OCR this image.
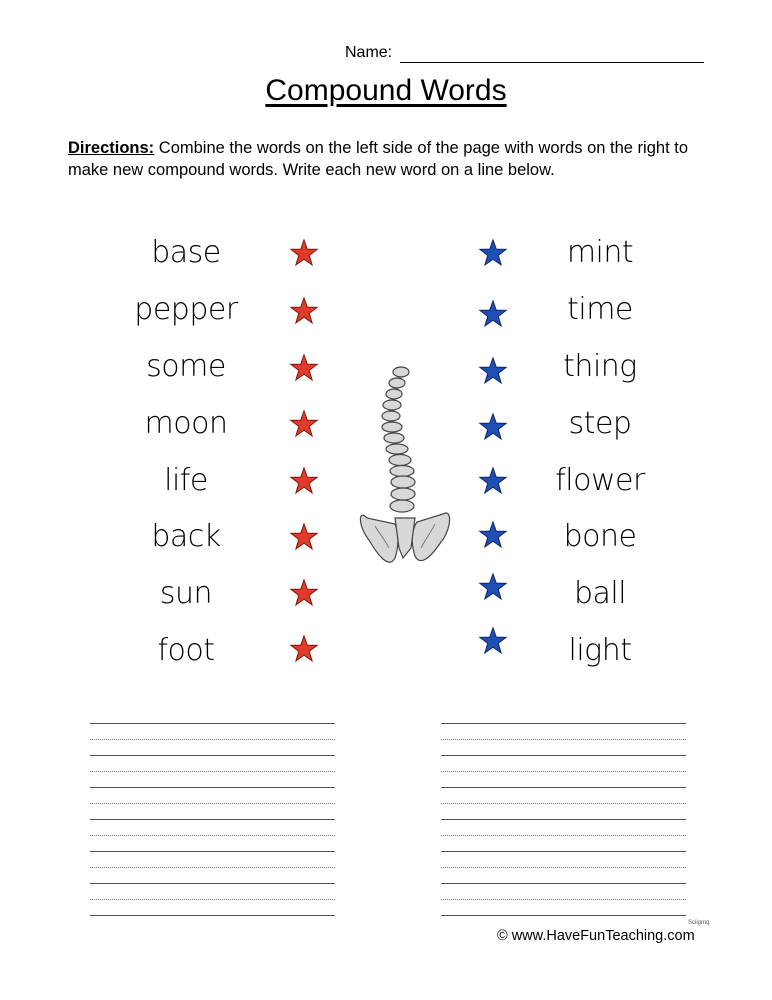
Name:
Compound Words
Directions: Combine the words on the left side of the page with words on the right to make new compound words. Write each new word on a line below.
base
pepper
some
moon
life
back
sun
foot
mint
time
thing
step
flower
bone
ball
light
Sciigmq
© www.HaveFunTeaching.com
